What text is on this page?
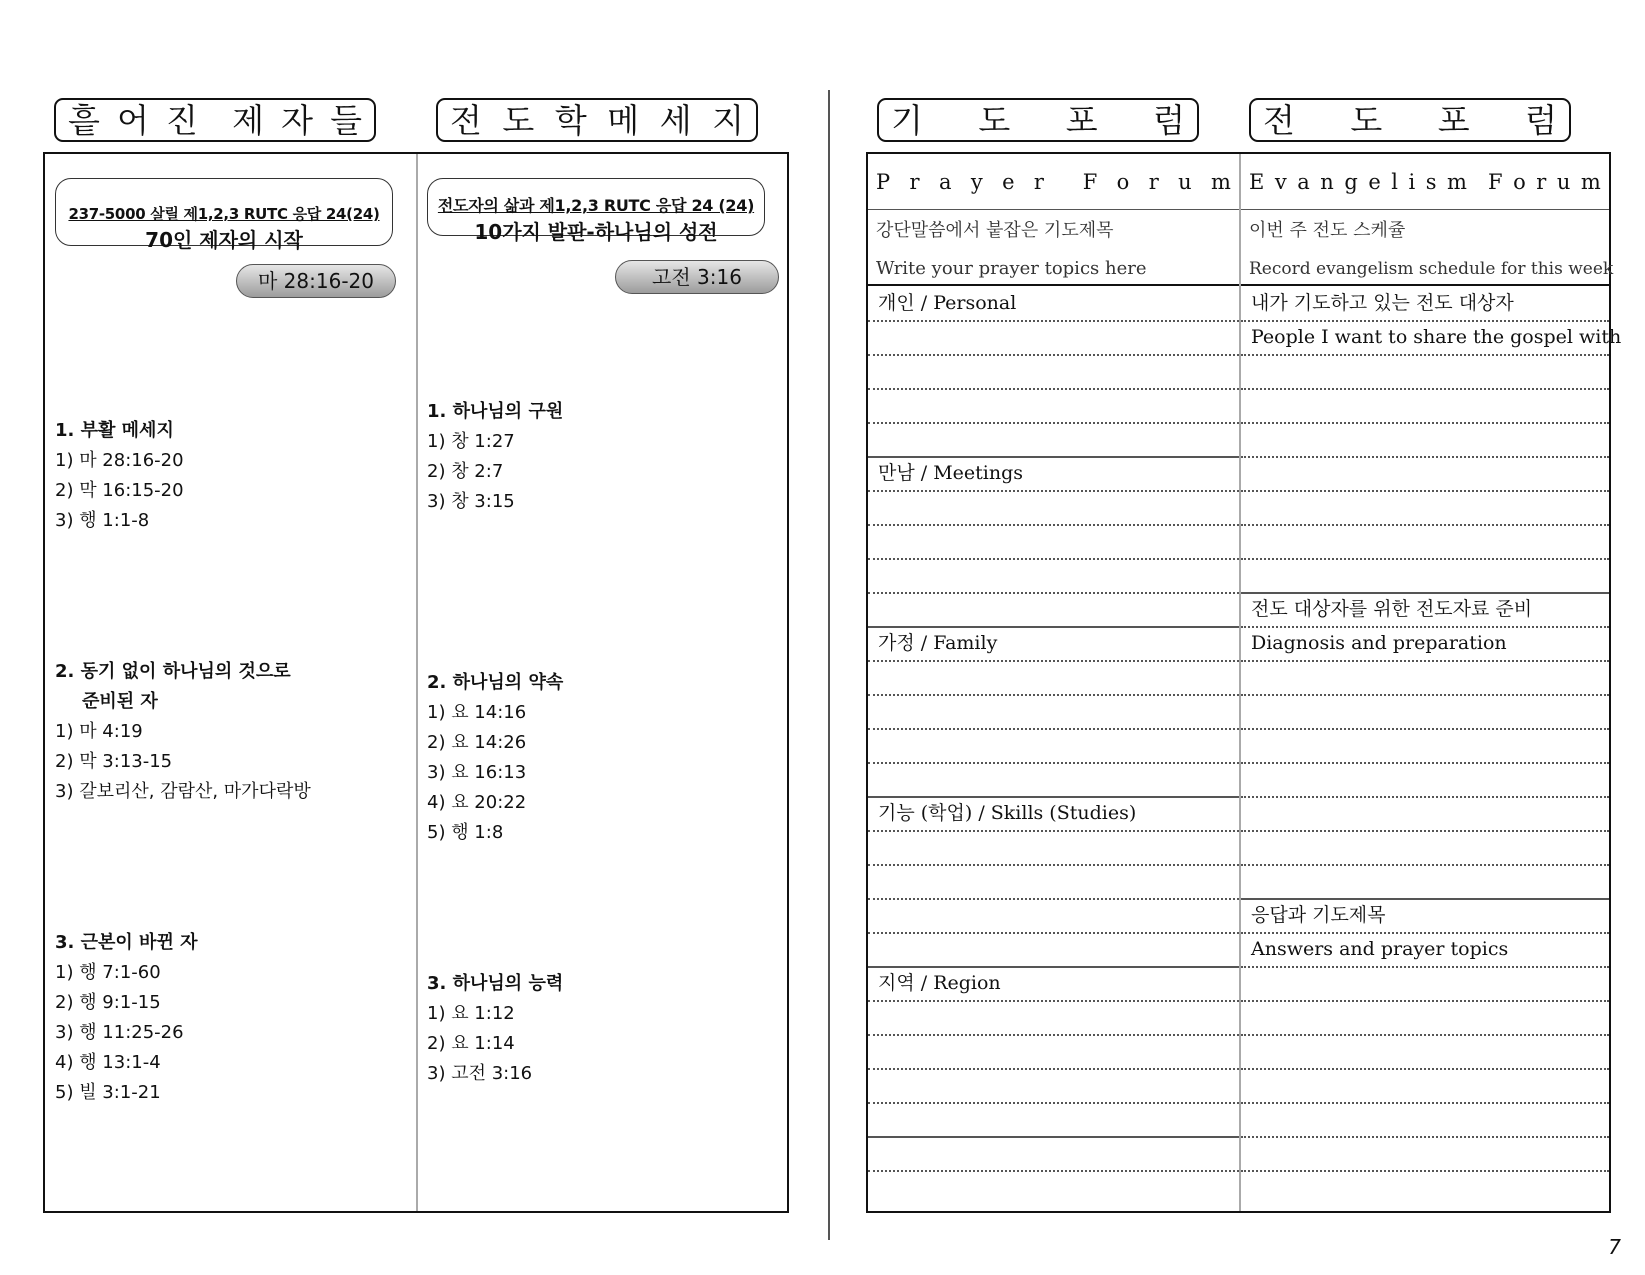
흩 어 진 제 자 들	전 도 학 메 세 지
237-5000 살릴 제1,2,3 RUTC 응답 24(24)
70인 제자의 시작
마 28:16-20
1. 부활 메세지
1) 마 28:16-20
2) 막 16:15-20
3) 행 1:1-8
2. 동기 없이 하나님의 것으로
준비된 자
1) 마 4:19
2) 막 3:13-15
3) 갈보리산, 감람산, 마가다락방
3. 근본이 바뀐 자
1) 행 7:1-60
2) 행 9:1-15
3) 행 11:25-26
4) 행 13:1-4
5) 빌 3:1-21
전도자의 삶과 제1,2,3 RUTC 응답 24 (24)
10가지 발판-하나님의 성전
고전 3:16
1. 하나님의 구원
1) 창 1:27
2) 창 2:7
3) 창 3:15
2. 하나님의 약속
1) 요 14:16
2) 요 14:26
3) 요 16:13
4) 요 20:22
5) 행 1:8
3. 하나님의 능력
1) 요 1:12
2) 요 1:14
3) 고전 3:16
기 도 포 럼 전 도 포 럼
P r a y e r F o r u m
강단말씀에서 붙잡은 기도제목
Write your prayer topics here
개인 / Personal
만남 / Meetings
가정 / Family
기능 (학업) / Skills (Studies)
지역 / Region
E v a n g e l i s m F o r u m
이번 주 전도 스케쥴
Record evangelism schedule for this week
내가 기도하고 있는 전도 대상자
People I want to share the gospel with
전도 대상자를 위한 전도자료 준비
Diagnosis and preparation
응답과 기도제목
Answers and prayer topics
7
